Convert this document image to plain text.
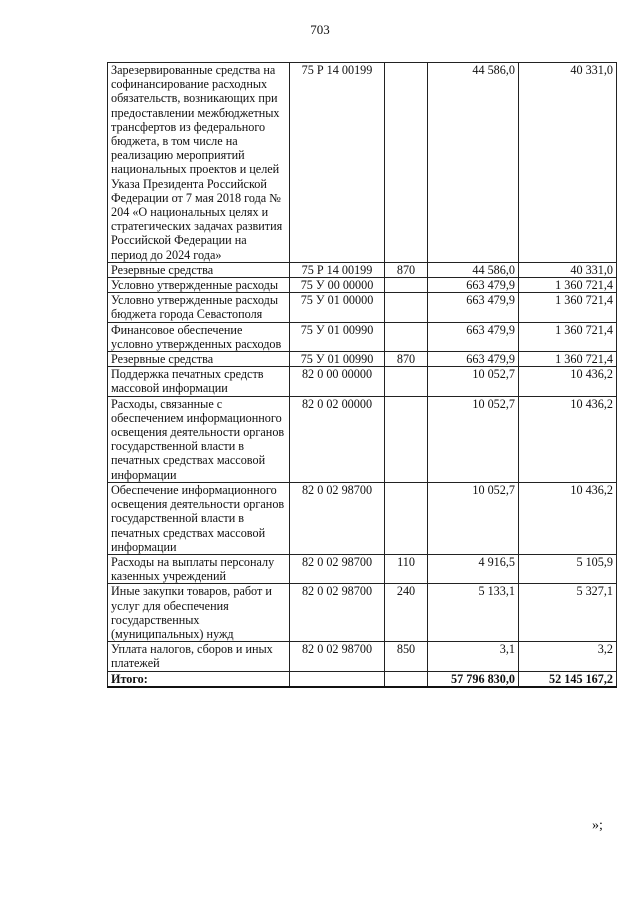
703
Зарезервированные средства на софинансирование расходных обязательств, возникающих при предоставлении межбюджетных трансфертов из федерального бюджета, в том числе на реализацию мероприятий национальных проектов и целей Указа Президента Российской Федерации от 7 мая 2018 года № 204 «О национальных целях и стратегических задачах развития Российской Федерации на период до 2024 года»	75 Р 14 00199		44 586,0	40 331,0
Резервные средства	75 Р 14 00199	870	44 586,0	40 331,0
Условно утвержденные расходы	75 У 00 00000		663 479,9	1 360 721,4
Условно утвержденные расходы бюджета города Севастополя	75 У 01 00000		663 479,9	1 360 721,4
Финансовое обеспечение условно утвержденных расходов	75 У 01 00990		663 479,9	1 360 721,4
Резервные средства	75 У 01 00990	870	663 479,9	1 360 721,4
Поддержка печатных средств массовой информации	82 0 00 00000		10 052,7	10 436,2
Расходы, связанные с обеспечением информационного освещения деятельности органов государственной власти в печатных средствах массовой информации	82 0 02 00000		10 052,7	10 436,2
Обеспечение информационного освещения деятельности органов государственной власти в печатных средствах массовой информации	82 0 02 98700		10 052,7	10 436,2
Расходы на выплаты персоналу казенных учреждений	82 0 02 98700	110	4 916,5	5 105,9
Иные закупки товаров, работ и услуг для обеспечения государственных (муниципальных) нужд	82 0 02 98700	240	5 133,1	5 327,1
Уплата налогов, сборов и иных платежей	82 0 02 98700	850	3,1	3,2
Итого:			57 796 830,0	52 145 167,2
»;
